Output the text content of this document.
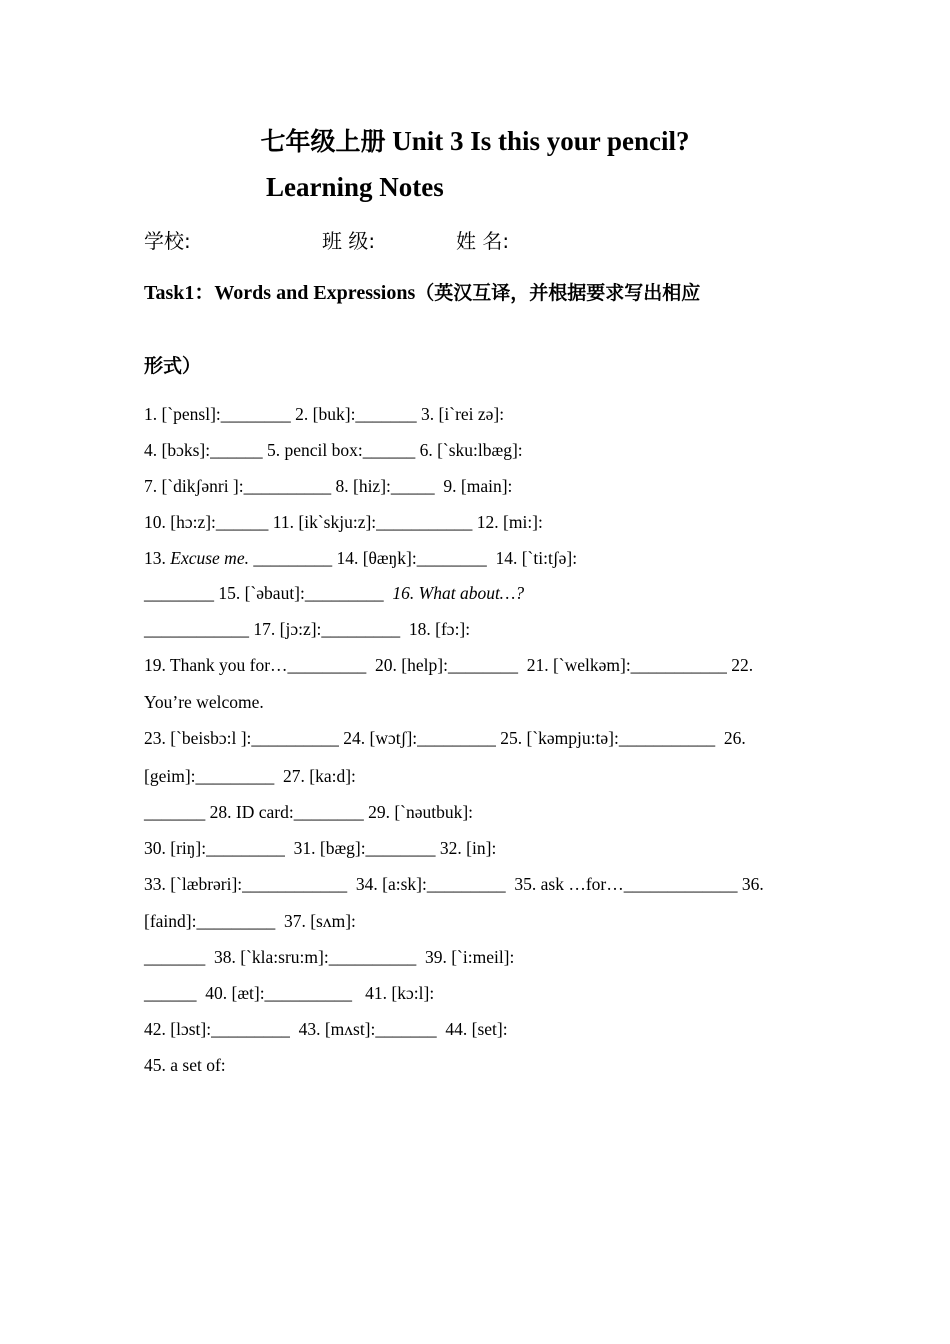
七年级上册 Unit 3 Is this your pencil?
Learning Notes
学校:	班 级:	姓 名:
Task1：Words and Expressions（英汉互译，并根据要求写出相应
形式）
1. [`pensl]:________ 2. [buk]:_______ 3. [i`rei zə]:
4. [bɔks]:______ 5. pencil box:______ 6. [`sku:lbæg]:
7. [`dikʃənri ]:__________ 8. [hiz]:_____  9. [main]:
10. [hɔ:z]:______ 11. [ik`skju:z]:___________ 12. [mi:]:
13. Excuse me. _________ 14. [θæŋk]:________  14. [`ti:tʃə]:
________ 15. [`əbaut]:_________  16. What about…?
____________ 17. [jɔ:z]:_________  18. [fɔ:]:
19. Thank you for…_________  20. [help]:________  21. [`welkəm]:___________ 22.
You’re welcome.
23. [`beisbɔ:l ]:__________ 24. [wɔtʃ]:_________ 25. [`kəmpju:tə]:___________  26.
[geim]:_________  27. [ka:d]:
_______ 28. ID card:________ 29. [`nəutbuk]:
30. [riŋ]:_________  31. [bæg]:________ 32. [in]:
33. [`læbrəri]:____________  34. [a:sk]:_________  35. ask …for…_____________ 36.
[faind]:_________  37. [sʌm]:
_______  38. [`kla:sru:m]:__________  39. [`i:meil]:
______  40. [æt]:__________   41. [kɔ:l]:
42. [lɔst]:_________  43. [mʌst]:_______  44. [set]:
45. a set of:
